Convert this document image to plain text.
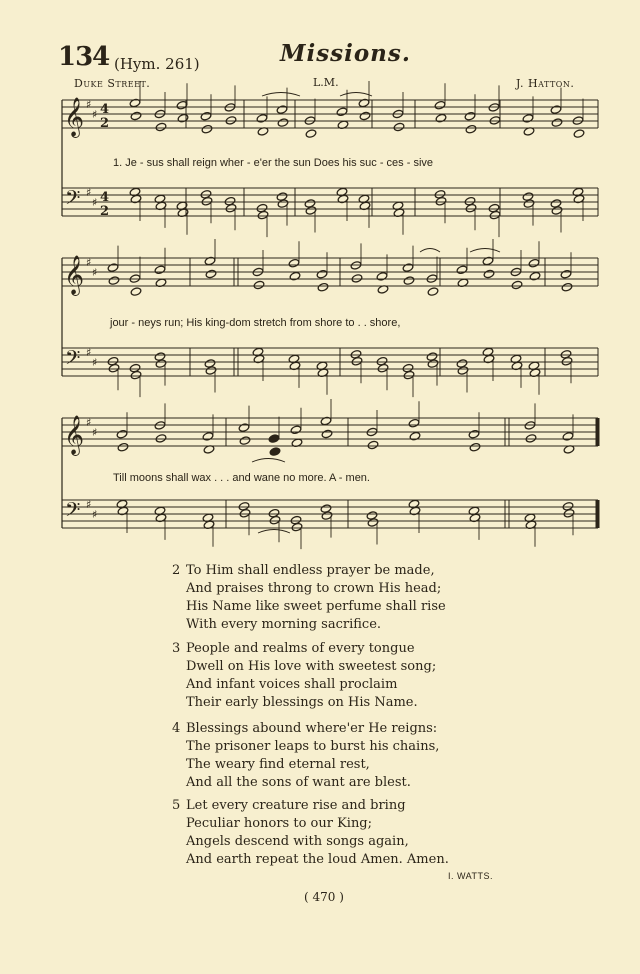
134 (Hym. 261)	Missions.
Duke Street.	L.M.	J. Hatton.
𝄞
𝄢
♯
♯
♯
♯
4
2
4
2
𝄞
𝄢
♯
♯
♯
♯
𝄞
𝄢
♯
♯
♯
♯
1. Je - sus shall reign wher - e'er the sun Does his suc - ces - sive
jour - neys run; His king-dom stretch from shore to . . shore,
Till moons shall wax . . . and wane no more. A - men.
2 To Him shall endless prayer be made,
And praises throng to crown His head;
His Name like sweet perfume shall rise
With every morning sacrifice.
3 People and realms of every tongue
Dwell on His love with sweetest song;
And infant voices shall proclaim
Their early blessings on His Name.
4 Blessings abound where'er He reigns:
The prisoner leaps to burst his chains,
The weary find eternal rest,
And all the sons of want are blest.
5 Let every creature rise and bring
Peculiar honors to our King;
Angels descend with songs again,
And earth repeat the loud Amen. Amen.
I. WATTS.
( 470 )
